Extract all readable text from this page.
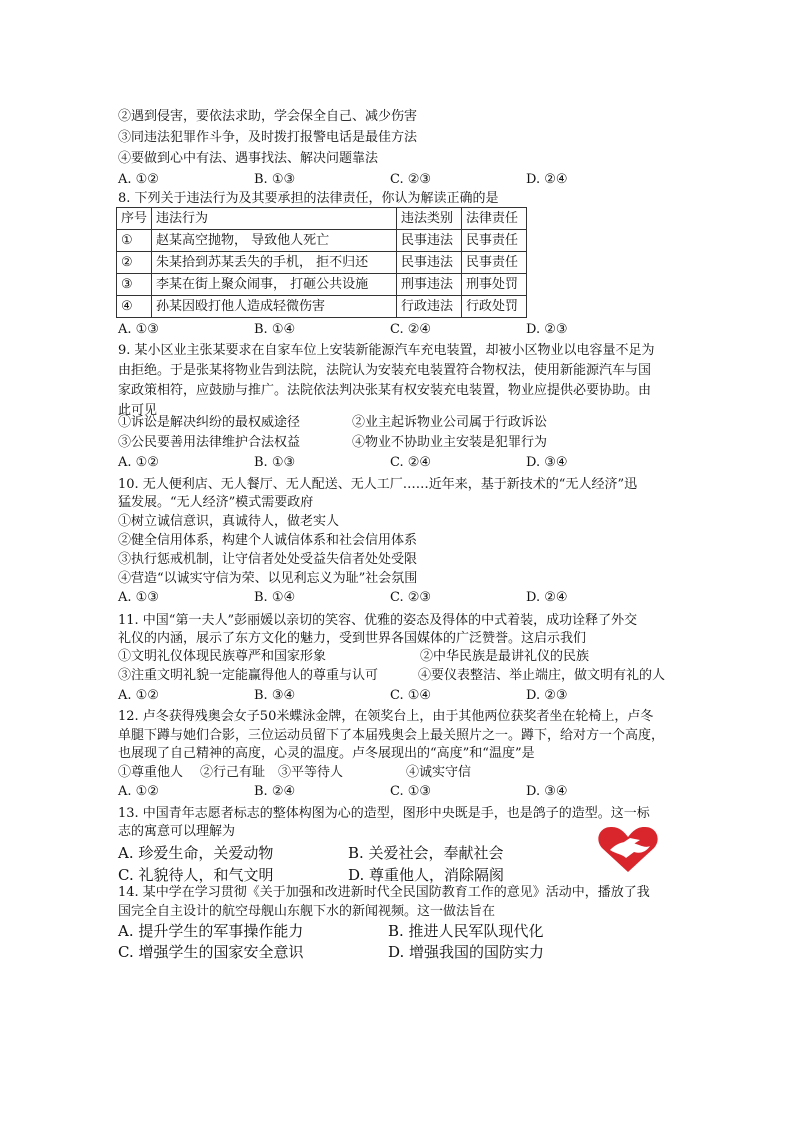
②遇到侵害，要依法求助，学会保全自己、减少伤害
③同违法犯罪作斗争，及时拨打报警电话是最佳方法
④要做到心中有法、遇事找法、解决问题靠法
A. ①②	B. ①③	C. ②③	D. ②④
8. 下列关于违法行为及其要承担的法律责任，你认为解读正确的是
序号	违法行为	违法类别	法律责任
①	赵某高空抛物， 导致他人死亡	民事违法	民事责任
②	朱某拾到苏某丢失的手机， 拒不归还	民事违法	民事责任
③	李某在街上聚众闹事， 打砸公共设施	刑事违法	刑事处罚
④	孙某因殴打他人造成轻微伤害	行政违法	行政处罚
A. ①③	B. ①④	C. ②④	D. ②③
9. 某小区业主张某要求在自家车位上安装新能源汽车充电装置，却被小区物业以电容量不足为
由拒绝。于是张某将物业告到法院，法院认为安装充电装置符合物权法，使用新能源汽车与国
家政策相符，应鼓励与推广。法院依法判决张某有权安装充电装置，物业应提供必要协助。由
此可见
①诉讼是解决纠纷的最权威途径	②业主起诉物业公司属于行政诉讼
③公民要善用法律维护合法权益	④物业不协助业主安装是犯罪行为
A. ①②	B. ①③	C. ②④	D. ③④
10. 无人便利店、无人餐厅、无人配送、无人工厂……近年来，基于新技术的“无人经济”迅
猛发展。“无人经济”模式需要政府
①树立诚信意识，真诚待人，做老实人
②健全信用体系，构建个人诚信体系和社会信用体系
③执行惩戒机制，让守信者处处受益失信者处处受限
④营造“以诚实守信为荣、以见利忘义为耻”社会氛围
A. ①③	B. ①④	C. ②③	D. ②④
11. 中国“第一夫人”彭丽媛以亲切的笑容、优雅的姿态及得体的中式着装，成功诠释了外交
礼仪的内涵，展示了东方文化的魅力，受到世界各国媒体的广泛赞誉。这启示我们
①文明礼仪体现民族尊严和国家形象	②中华民族是最讲礼仪的民族
③注重文明礼貌一定能赢得他人的尊重与认可	④要仪表整洁、举止端庄，做文明有礼的人
A. ①②	B. ③④	C. ①④	D. ②③
12. 卢冬获得残奥会女子50米蝶泳金牌，在领奖台上，由于其他两位获奖者坐在轮椅上，卢冬
单腿下蹲与她们合影，三位运动员留下了本届残奥会上最关照片之一。蹲下，给对方一个高度，
也展现了自己精神的高度，心灵的温度。卢冬展现出的“高度”和“温度”是
①尊重他人 ②行己有耻 ③平等待人	④诚实守信
A. ①②	B. ②④	C. ①③	D. ③④
13. 中国青年志愿者标志的整体构图为心的造型，图形中央既是手，也是鸽子的造型。这一标
志的寓意可以理解为
A. 珍爱生命，关爱动物	B. 关爱社会，奉献社会
C. 礼貌待人，和气文明	D. 尊重他人，消除隔阂
14. 某中学在学习贯彻《关于加强和改进新时代全民国防教育工作的意见》活动中，播放了我
国完全自主设计的航空母舰山东舰下水的新闻视频。这一做法旨在
A. 提升学生的军事操作能力	B. 推进人民军队现代化
C. 增强学生的国家安全意识	D. 增强我国的国防实力
